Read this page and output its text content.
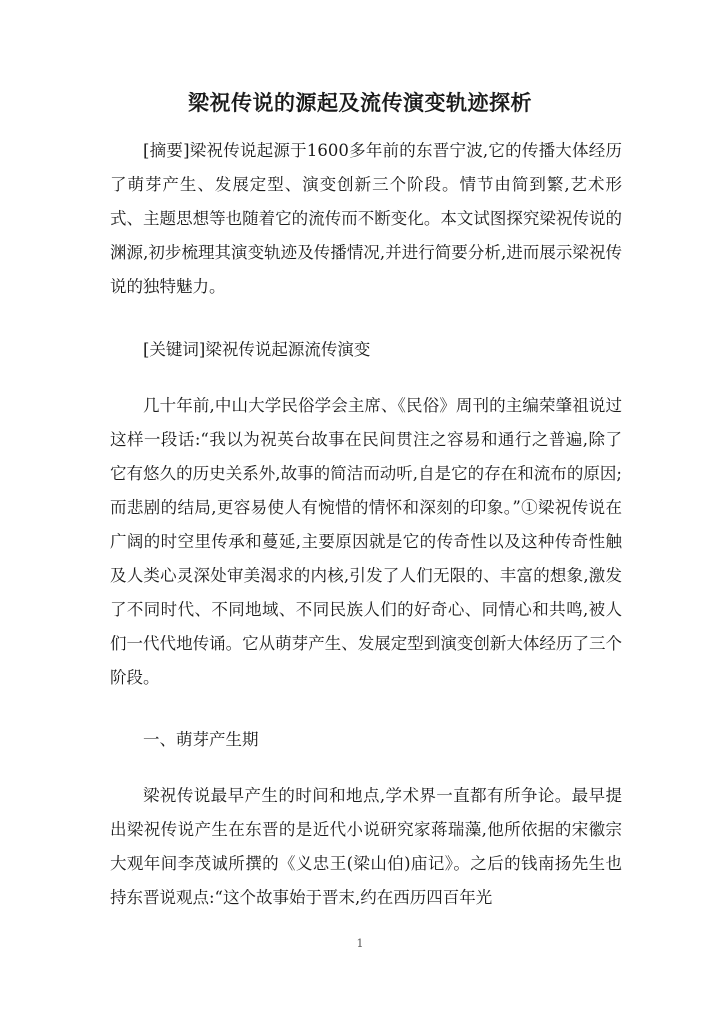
梁祝传说的源起及流传演变轨迹探析

[摘要]梁祝传说起源于1600多年前的东晋宁波,它的传播大体经历了萌芽产生、发展定型、演变创新三个阶段。情节由简到繁,艺术形式、主题思想等也随着它的流传而不断变化。本文试图探究梁祝传说的渊源,初步梳理其演变轨迹及传播情况,并进行简要分析,进而展示梁祝传说的独特魅力。

[关键词]梁祝传说起源流传演变

几十年前,中山大学民俗学会主席、《民俗》周刊的主编荣肇祖说过这样一段话:“我以为祝英台故事在民间贯注之容易和通行之普遍,除了它有悠久的历史关系外,故事的简洁而动听,自是它的存在和流布的原因;而悲剧的结局,更容易使人有惋惜的情怀和深刻的印象。”①梁祝传说在广阔的时空里传承和蔓延,主要原因就是它的传奇性以及这种传奇性触及人类心灵深处审美渴求的内核,引发了人们无限的、丰富的想象,激发了不同时代、不同地域、不同民族人们的好奇心、同情心和共鸣,被人们一代代地传诵。它从萌芽产生、发展定型到演变创新大体经历了三个阶段。

一、萌芽产生期

梁祝传说最早产生的时间和地点,学术界一直都有所争论。最早提出梁祝传说产生在东晋的是近代小说研究家蒋瑞藻,他所依据的宋徽宗大观年间李茂诚所撰的《义忠王(梁山伯)庙记》。之后的钱南扬先生也持东晋说观点:“这个故事始于晋末,约在西历四百年光

1
